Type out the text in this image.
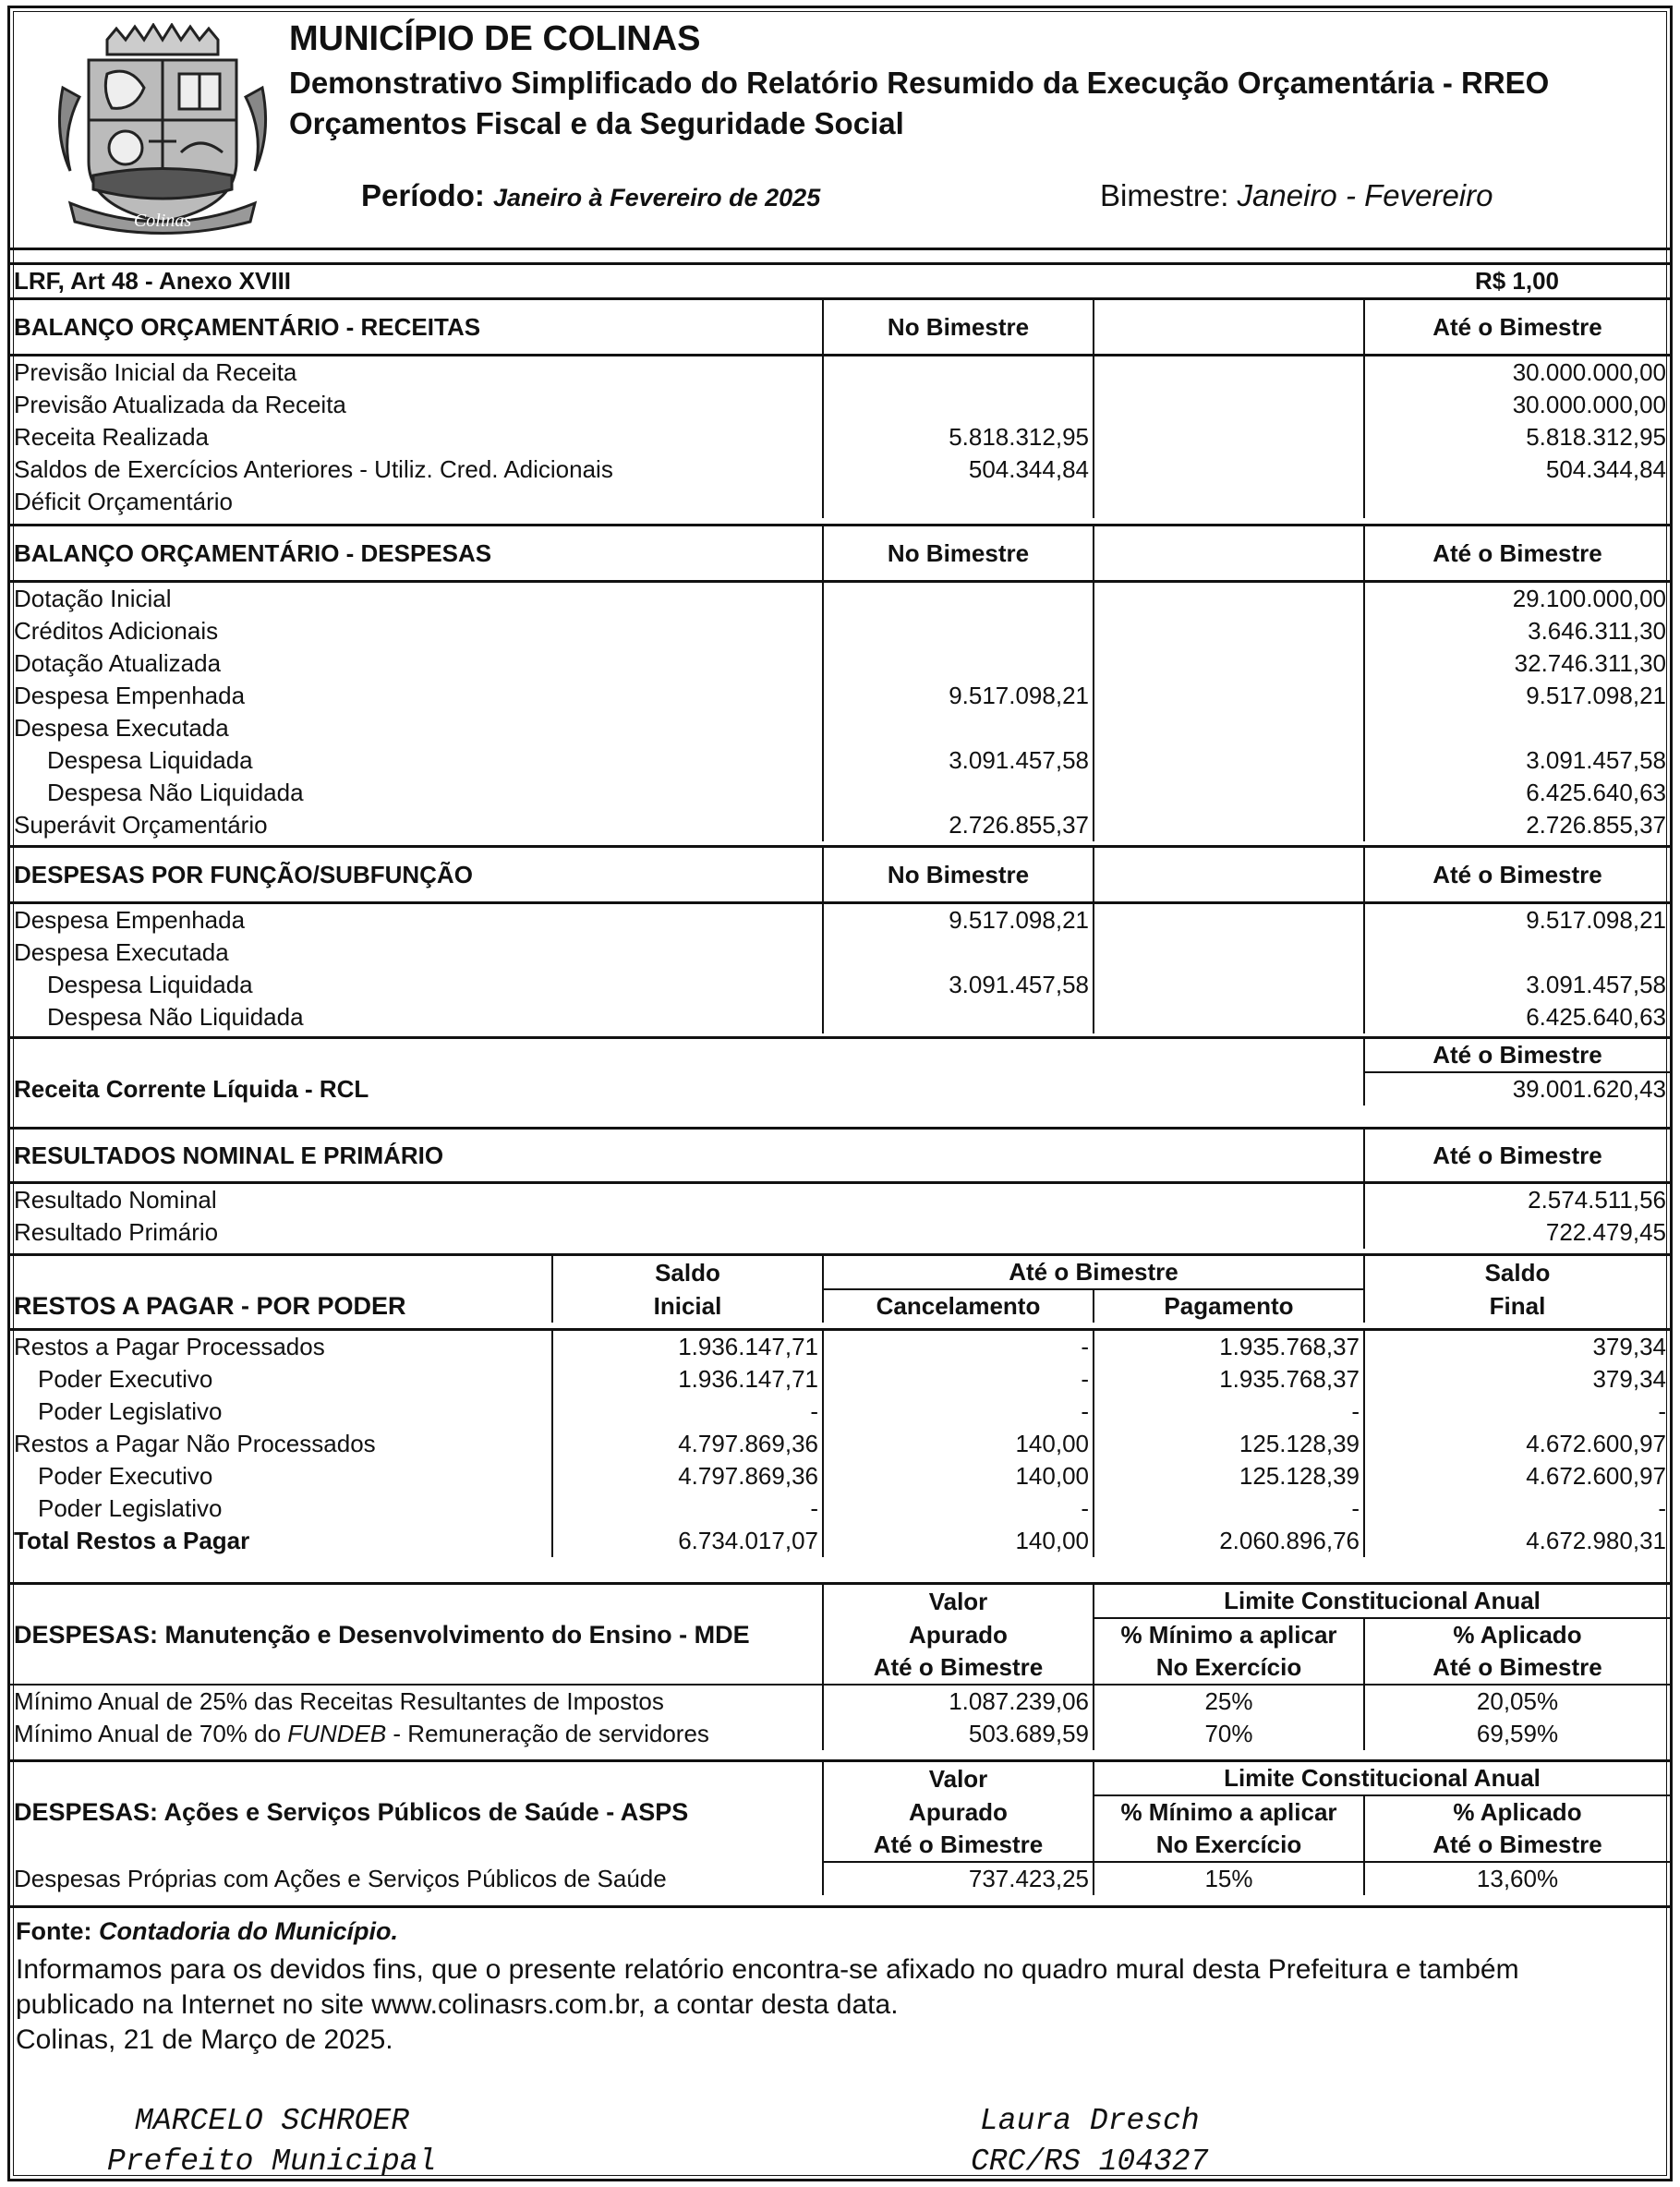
Colinas
MUNICÍPIO DE COLINAS
Demonstrativo Simplificado do Relatório Resumido da Execução Orçamentária - RREO
Orçamentos Fiscal e da Seguridade Social
Período: Janeiro à Fevereiro de 2025	Bimestre: Janeiro - Fevereiro
LRF, Art 48 - Anexo XVIII	R$ 1,00
BALANÇO ORÇAMENTÁRIO - RECEITAS	No Bimestre		Até o Bimestre
Previsão Inicial da Receita			30.000.000,00
Previsão Atualizada da Receita			30.000.000,00
Receita Realizada	5.818.312,95		5.818.312,95
Saldos de Exercícios Anteriores - Utiliz. Cred. Adicionais	504.344,84		504.344,84
Déficit Orçamentário			
BALANÇO ORÇAMENTÁRIO - DESPESAS	No Bimestre		Até o Bimestre
Dotação Inicial			29.100.000,00
Créditos Adicionais			3.646.311,30
Dotação Atualizada			32.746.311,30
Despesa Empenhada	9.517.098,21		9.517.098,21
Despesa Executada			
Despesa Liquidada	3.091.457,58		3.091.457,58
Despesa Não Liquidada			6.425.640,63
Superávit Orçamentário	2.726.855,37		2.726.855,37
DESPESAS POR FUNÇÃO/SUBFUNÇÃO	No Bimestre		Até o Bimestre
Despesa Empenhada	9.517.098,21		9.517.098,21
Despesa Executada			
Despesa Liquidada	3.091.457,58		3.091.457,58
Despesa Não Liquidada			6.425.640,63
	Até o Bimestre
Receita Corrente Líquida - RCL	39.001.620,43
RESULTADOS NOMINAL E PRIMÁRIO	Até o Bimestre
Resultado Nominal	2.574.511,56
Resultado Primário	722.479,45
	Saldo	Até o Bimestre		Saldo
RESTOS A PAGAR - POR PODER	Inicial	Cancelamento	Pagamento	Final

Restos a Pagar Processados	1.936.147,71	-	1.935.768,37	379,34
Poder Executivo	1.936.147,71	-	1.935.768,37	379,34
Poder Legislativo	-	-	-	-
Restos a Pagar Não Processados	4.797.869,36	140,00	125.128,39	4.672.600,97
Poder Executivo	4.797.869,36	140,00	125.128,39	4.672.600,97
Poder Legislativo	-	-	-	-
Total Restos a Pagar	6.734.017,07	140,00	2.060.896,76	4.672.980,31
	Valor	Limite Constitucional Anual	
DESPESAS: Manutenção e Desenvolvimento do Ensino - MDE	Apurado	% Mínimo a aplicar	% Aplicado
	Até o Bimestre	No Exercício	Até o Bimestre
Mínimo Anual de 25% das Receitas Resultantes de Impostos	1.087.239,06	25%	20,05%
Mínimo Anual de 70% do FUNDEB - Remuneração de servidores	503.689,59	70%	69,59%
	Valor	Limite Constitucional Anual	
DESPESAS: Ações e Serviços Públicos de Saúde - ASPS	Apurado	% Mínimo a aplicar	% Aplicado
	Até o Bimestre	No Exercício	Até o Bimestre
Despesas Próprias com Ações e Serviços Públicos de Saúde	737.423,25	15%	13,60%
Fonte: Contadoria do Município.
Informamos para os devidos fins, que o presente relatório encontra-se afixado no quadro mural desta Prefeitura e também publicado na Internet no site www.colinasrs.com.br, a contar desta data.
Colinas, 21 de Março de 2025.
MARCELO SCHROER
Prefeito Municipal
Laura Dresch
CRC/RS 104327
